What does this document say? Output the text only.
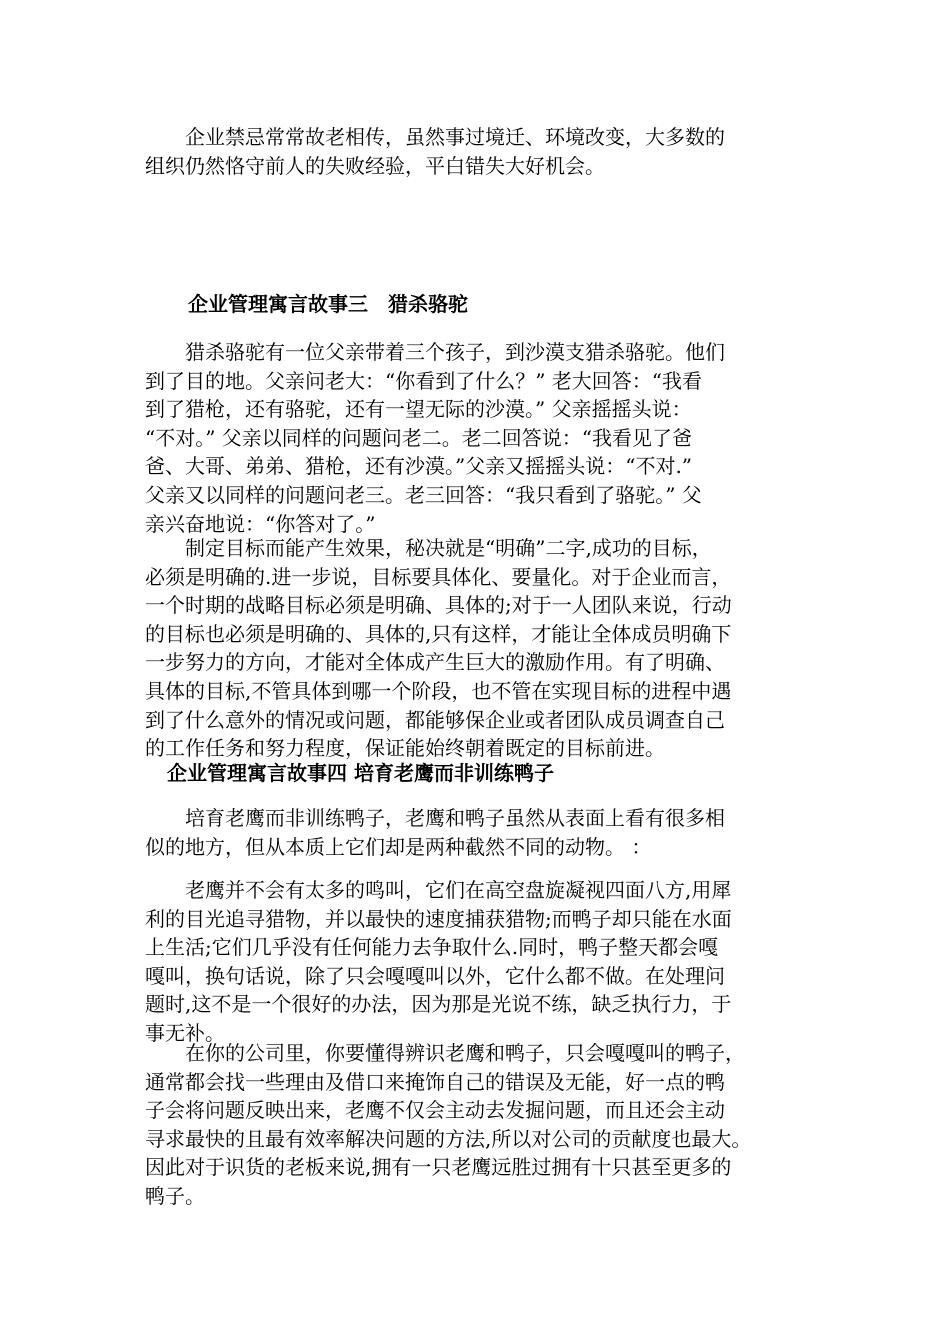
　　企业禁忌常常故老相传，虽然事过境迁、环境改变，大多数的
组织仍然恪守前人的失败经验，平白错失大好机会。
企业管理寓言故事三　猎杀骆驼
　　猎杀骆驼有一位父亲带着三个孩子，到沙漠支猎杀骆驼。他们
到了目的地。父亲问老大：“你看到了什么？” 老大回答：“我看
到了猎枪，还有骆驼，还有一望无际的沙漠。” 父亲摇摇头说：
“不对。” 父亲以同样的问题问老二。老二回答说：“我看见了爸
爸、大哥、弟弟、猎枪，还有沙漠。”父亲又摇摇头说：“不对.”
父亲又以同样的问题问老三。老三回答：“我只看到了骆驼。” 父
亲兴奋地说：“你答对了。”
　　制定目标而能产生效果，秘决就是“明确”二字,成功的目标，
必须是明确的.进一步说，目标要具体化、要量化。对于企业而言，
一个时期的战略目标必须是明确、具体的;对于一人团队来说，行动
的目标也必须是明确的、具体的,只有这样，才能让全体成员明确下
一步努力的方向，才能对全体成产生巨大的激励作用。有了明确、
具体的目标,不管具体到哪一个阶段，也不管在实现目标的进程中遇
到了什么意外的情况或问题，都能够保企业或者团队成员调查自己
的工作任务和努力程度，保证能始终朝着既定的目标前进。
企业管理寓言故事四 培育老鹰而非训练鸭子
　　培育老鹰而非训练鸭子，老鹰和鸭子虽然从表面上看有很多相
似的地方，但从本质上它们却是两种截然不同的动物。 ：
　　老鹰并不会有太多的鸣叫，它们在高空盘旋凝视四面八方,用犀
利的目光追寻猎物，并以最快的速度捕获猎物;而鸭子却只能在水面
上生活;它们几乎没有任何能力去争取什么.同时，鸭子整天都会嘎
嘎叫，换句话说，除了只会嘎嘎叫以外，它什么都不做。在处理问
题时,这不是一个很好的办法，因为那是光说不练，缺乏执行力，于
事无补。
　　在你的公司里，你要懂得辨识老鹰和鸭子，只会嘎嘎叫的鸭子，
通常都会找一些理由及借口来掩饰自己的错误及无能，好一点的鸭
子会将问题反映出来，老鹰不仅会主动去发掘问题，而且还会主动
寻求最快的且最有效率解决问题的方法,所以对公司的贡献度也最大。
因此对于识货的老板来说,拥有一只老鹰远胜过拥有十只甚至更多的
鸭子。
